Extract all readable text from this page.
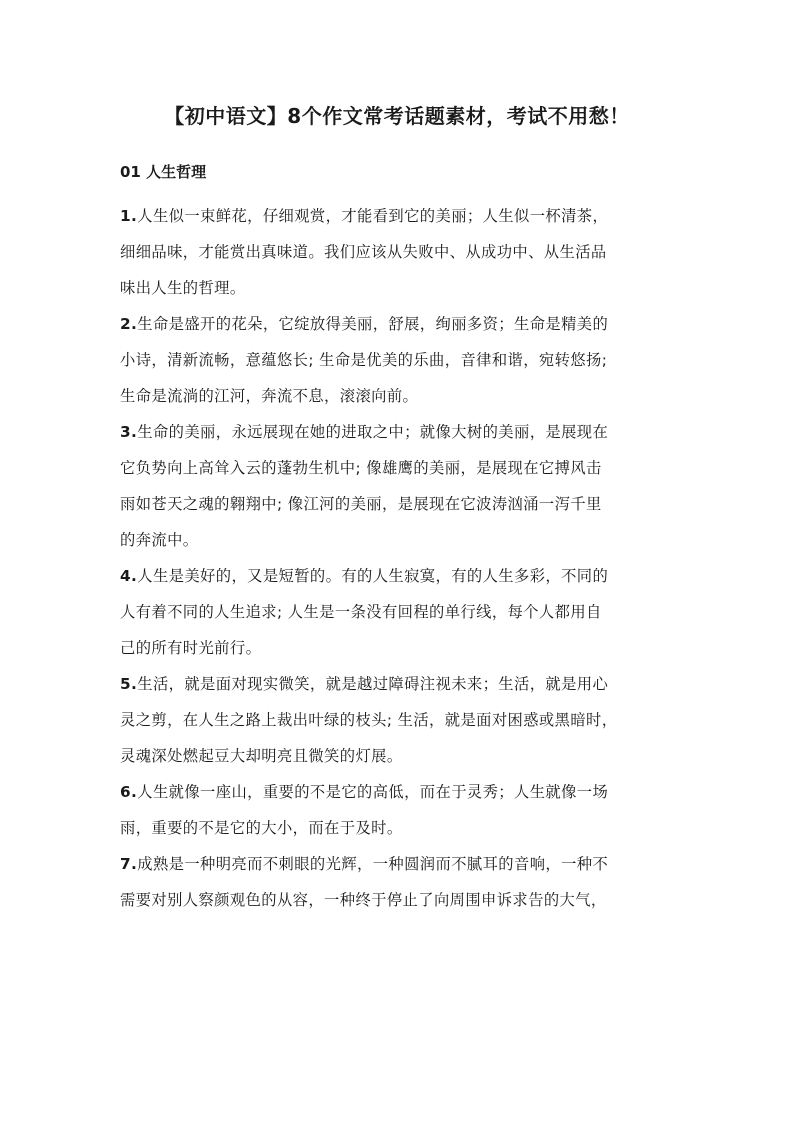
【初中语文】8个作文常考话题素材，考试不用愁！
01 人生哲理

1.人生似一束鲜花，仔细观赏，才能看到它的美丽；人生似一杯清茶，
细细品味，才能赏出真味道。我们应该从失败中、从成功中、从生活品
味出人生的哲理。

2.生命是盛开的花朵，它绽放得美丽，舒展，绚丽多资；生命是精美的
小诗，清新流畅，意蕴悠长; 生命是优美的乐曲，音律和谐，宛转悠扬;
生命是流淌的江河，奔流不息，滚滚向前。

3.生命的美丽，永远展现在她的进取之中；就像大树的美丽，是展现在
它负势向上高耸入云的蓬勃生机中; 像雄鹰的美丽，是展现在它搏风击
雨如苍天之魂的翱翔中; 像江河的美丽，是展现在它波涛汹涌一泻千里
的奔流中。

4.人生是美好的，又是短暂的。有的人生寂寞，有的人生多彩，不同的
人有着不同的人生追求; 人生是一条没有回程的单行线，每个人都用自
己的所有时光前行。

5.生活，就是面对现实微笑，就是越过障碍注视未来；生活，就是用心
灵之剪，在人生之路上裁出叶绿的枝头; 生活，就是面对困惑或黑暗时，
灵魂深处燃起豆大却明亮且微笑的灯展。

6.人生就像一座山，重要的不是它的高低，而在于灵秀；人生就像一场
雨，重要的不是它的大小，而在于及时。

7.成熟是一种明亮而不刺眼的光辉，一种圆润而不腻耳的音响，一种不
需要对别人察颜观色的从容，一种终于停止了向周围申诉求告的大气，
